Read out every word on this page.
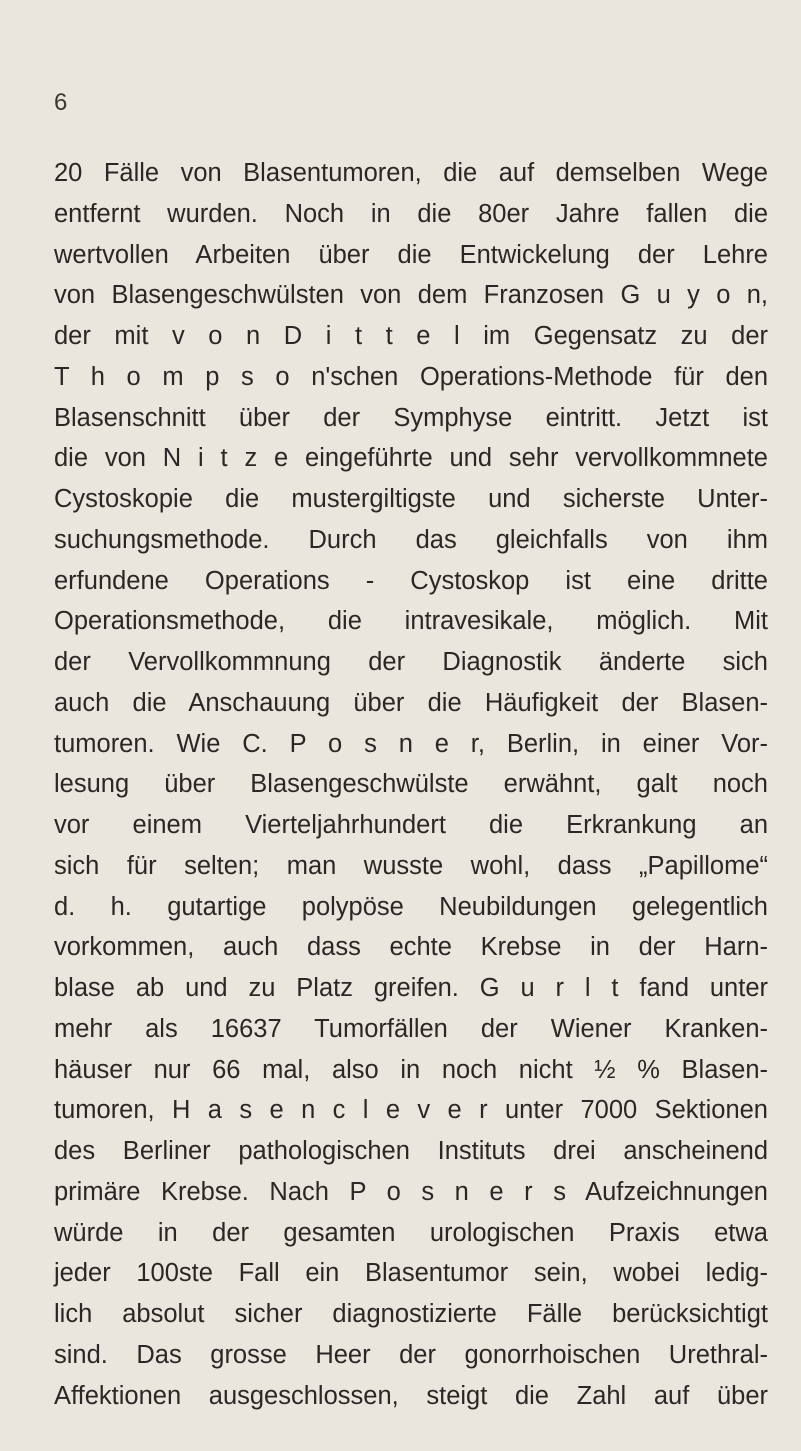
6
20 Fälle von Blasentumoren, die auf demselben Wege
entfernt wurden. Noch in die 80er Jahre fallen die
wertvollen Arbeiten über die Entwickelung der Lehre
von Blasengeschwülsten von dem Franzosen G u y o n,
der mit v o n D i t t e l im Gegensatz zu der
T h o m p s o n'schen Operations-Methode für den
Blasenschnitt über der Symphyse eintritt. Jetzt ist
die von N i t z e eingeführte und sehr vervollkommnete
Cystoskopie die mustergiltigste und sicherste Unter-
suchungsmethode. Durch das gleichfalls von ihm
erfundene Operations - Cystoskop ist eine dritte
Operationsmethode, die intravesikale, möglich. Mit
der Vervollkommnung der Diagnostik änderte sich
auch die Anschauung über die Häufigkeit der Blasen-
tumoren. Wie C. P o s n e r, Berlin, in einer Vor-
lesung über Blasengeschwülste erwähnt, galt noch
vor einem Vierteljahrhundert die Erkrankung an
sich für selten; man wusste wohl, dass „Papillome“
d. h. gutartige polypöse Neubildungen gelegentlich
vorkommen, auch dass echte Krebse in der Harn-
blase ab und zu Platz greifen. G u r l t fand unter
mehr als 16637 Tumorfällen der Wiener Kranken-
häuser nur 66 mal, also in noch nicht ½ % Blasen-
tumoren, H a s e n c l e v e r unter 7000 Sektionen
des Berliner pathologischen Instituts drei anscheinend
primäre Krebse. Nach P o s n e r s Aufzeichnungen
würde in der gesamten urologischen Praxis etwa
jeder 100ste Fall ein Blasentumor sein, wobei ledig-
lich absolut sicher diagnostizierte Fälle berücksichtigt
sind. Das grosse Heer der gonorrhoischen Urethral-
Affektionen ausgeschlossen, steigt die Zahl auf über
